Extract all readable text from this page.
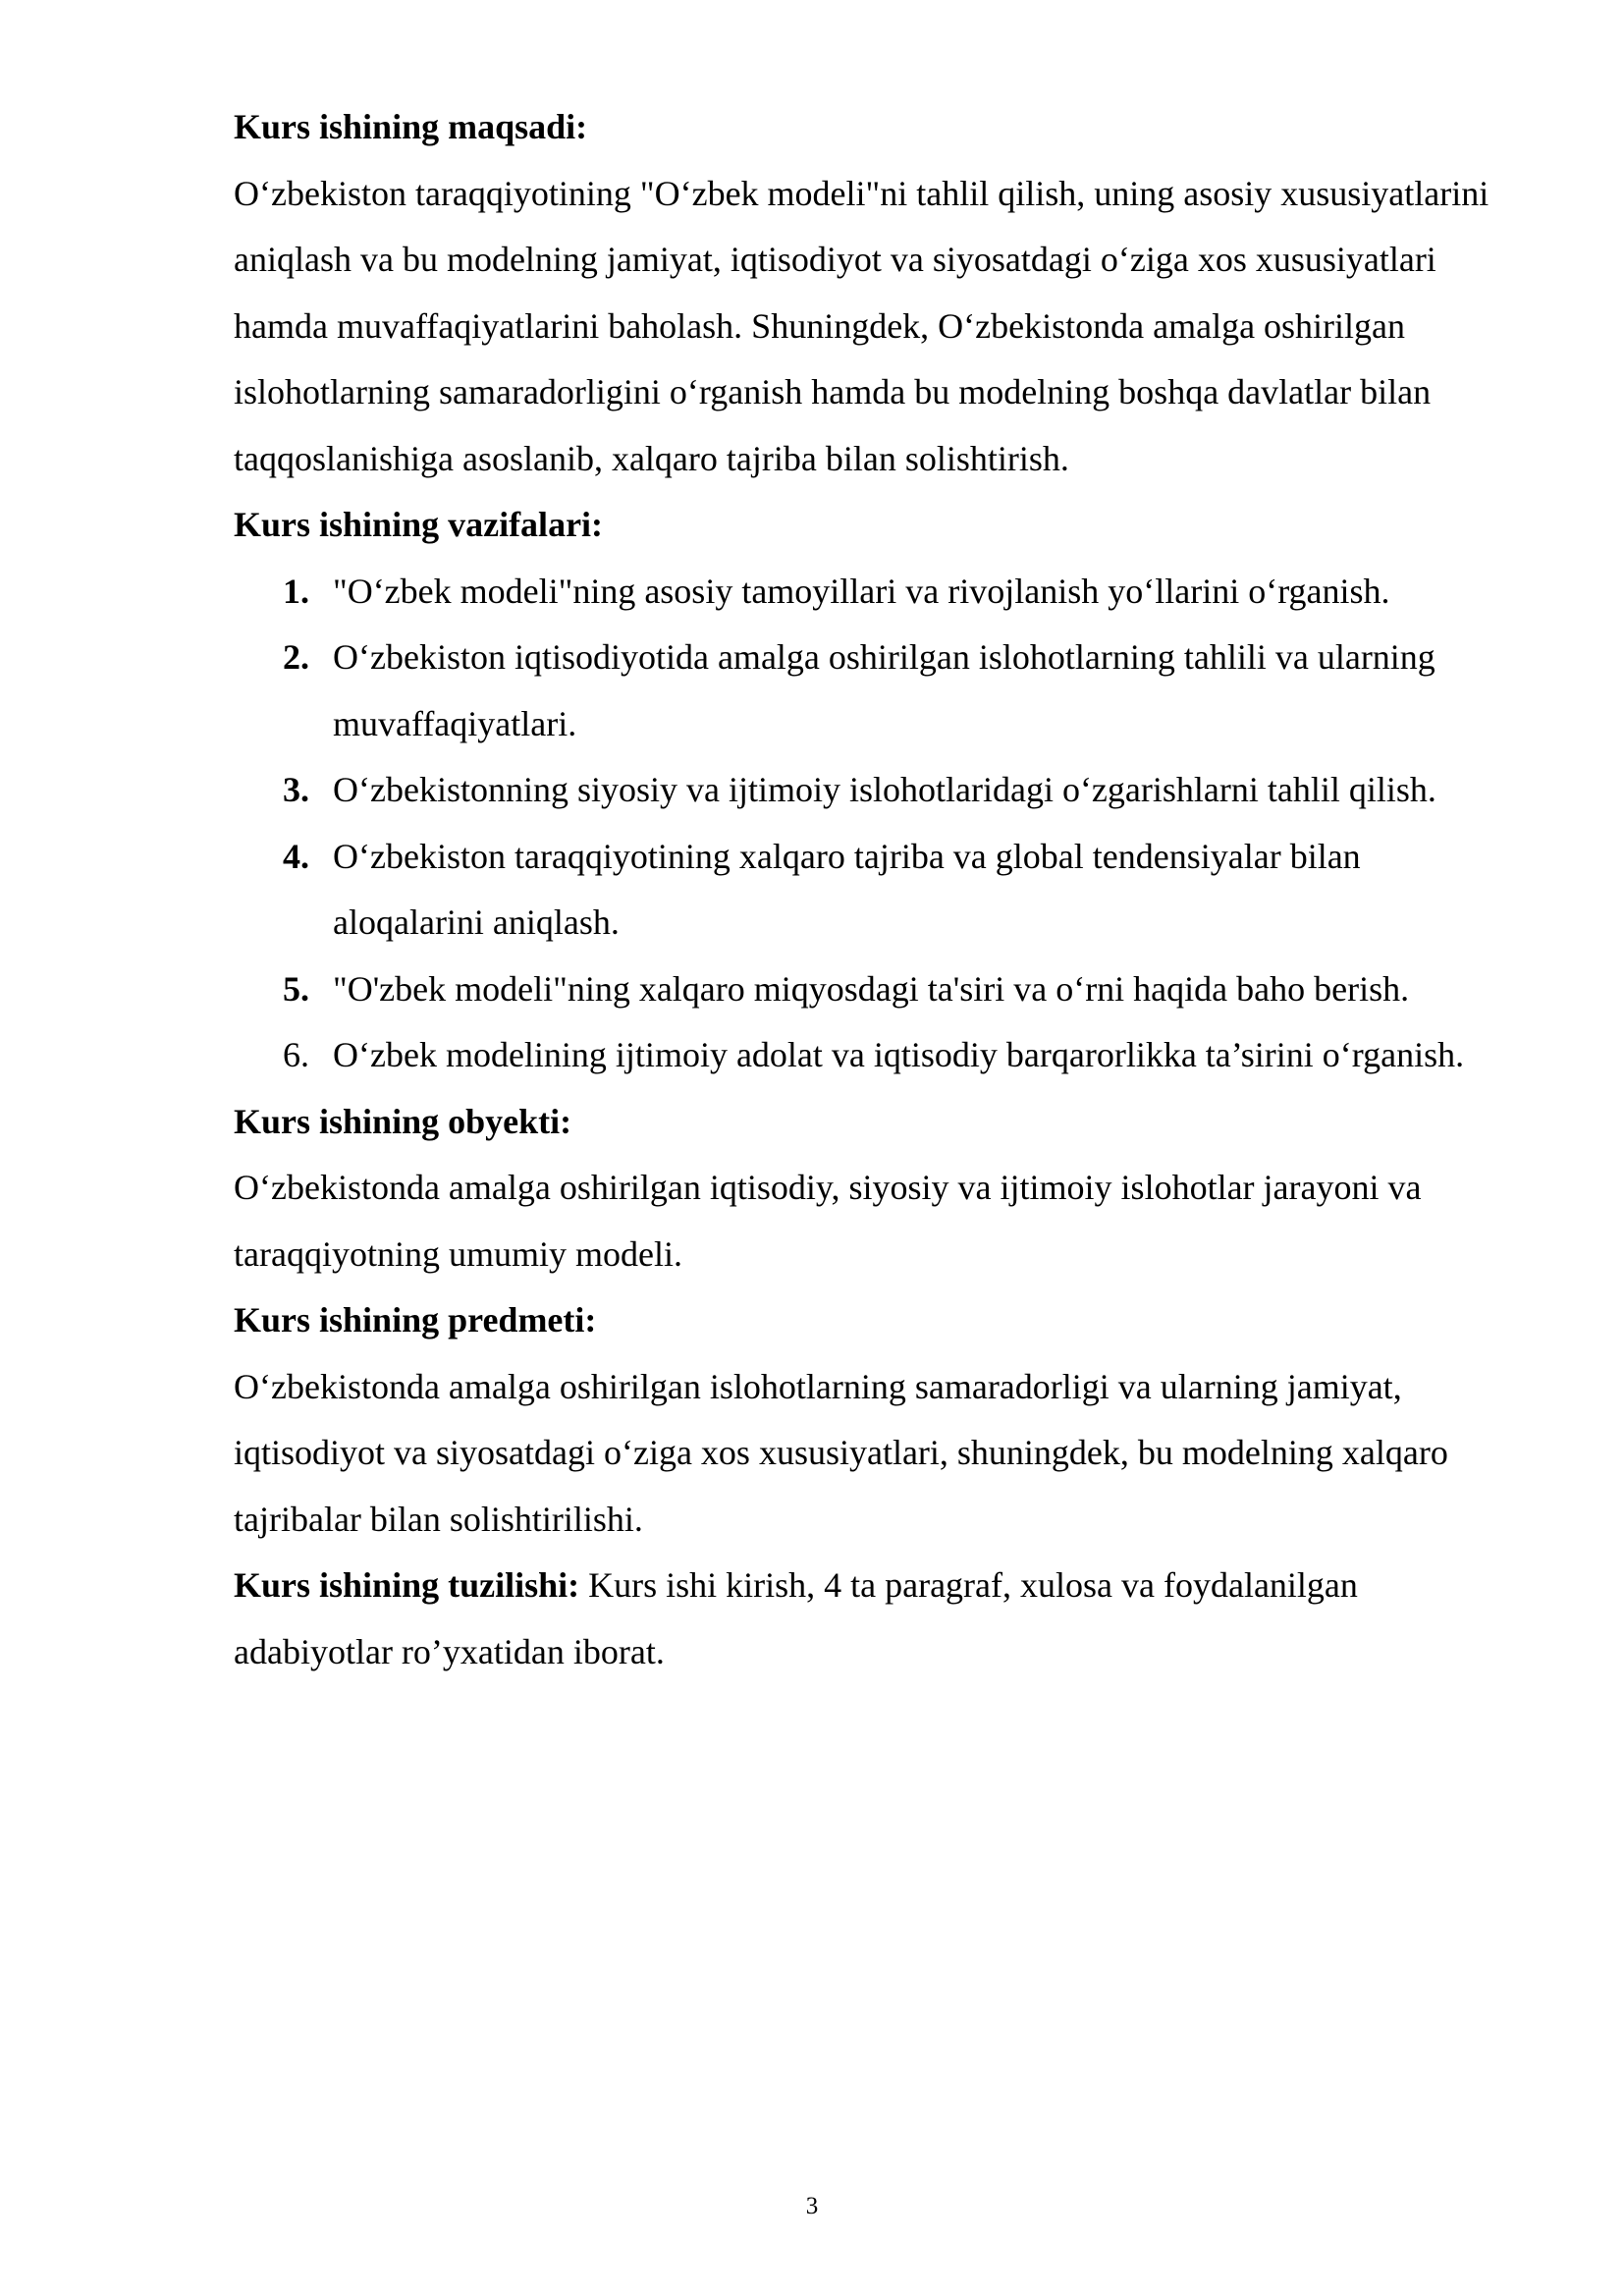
Kurs ishining maqsadi:

O‘zbekiston taraqqiyotining "O‘zbek modeli"ni tahlil qilish, uning asosiy xususiyatlarini aniqlash va bu modelning jamiyat, iqtisodiyot va siyosatdagi o‘ziga xos xususiyatlari hamda muvaffaqiyatlarini baholash. Shuningdek, O‘zbekistonda amalga oshirilgan islohotlarning samaradorligini o‘rganish hamda bu modelning boshqa davlatlar bilan taqqoslanishiga asoslanib, xalqaro tajriba bilan solishtirish.

Kurs ishining vazifalari:

1. "O‘zbek modeli"ning asosiy tamoyillari va rivojlanish yo‘llarini o‘rganish.
2. O‘zbekiston iqtisodiyotida amalga oshirilgan islohotlarning tahlili va ularning muvaffaqiyatlari.
3. O‘zbekistonning siyosiy va ijtimoiy islohotlaridagi o‘zgarishlarni tahlil qilish.
4. O‘zbekiston taraqqiyotining xalqaro tajriba va global tendensiyalar bilan aloqalarini aniqlash.
5. "O'zbek modeli"ning xalqaro miqyosdagi ta'siri va o‘rni haqida baho berish.
6. O‘zbek modelining ijtimoiy adolat va iqtisodiy barqarorlikka ta’sirini o‘rganish.

Kurs ishining obyekti:

O‘zbekistonda amalga oshirilgan iqtisodiy, siyosiy va ijtimoiy islohotlar jarayoni va taraqqiyotning umumiy modeli.

Kurs ishining predmeti:

O‘zbekistonda amalga oshirilgan islohotlarning samaradorligi va ularning jamiyat, iqtisodiyot va siyosatdagi o‘ziga xos xususiyatlari, shuningdek, bu modelning xalqaro tajribalar bilan solishtirilishi.

Kurs ishining tuzilishi: Kurs ishi kirish, 4 ta paragraf, xulosa va foydalanilgan adabiyotlar ro’yxatidan iborat.

3
